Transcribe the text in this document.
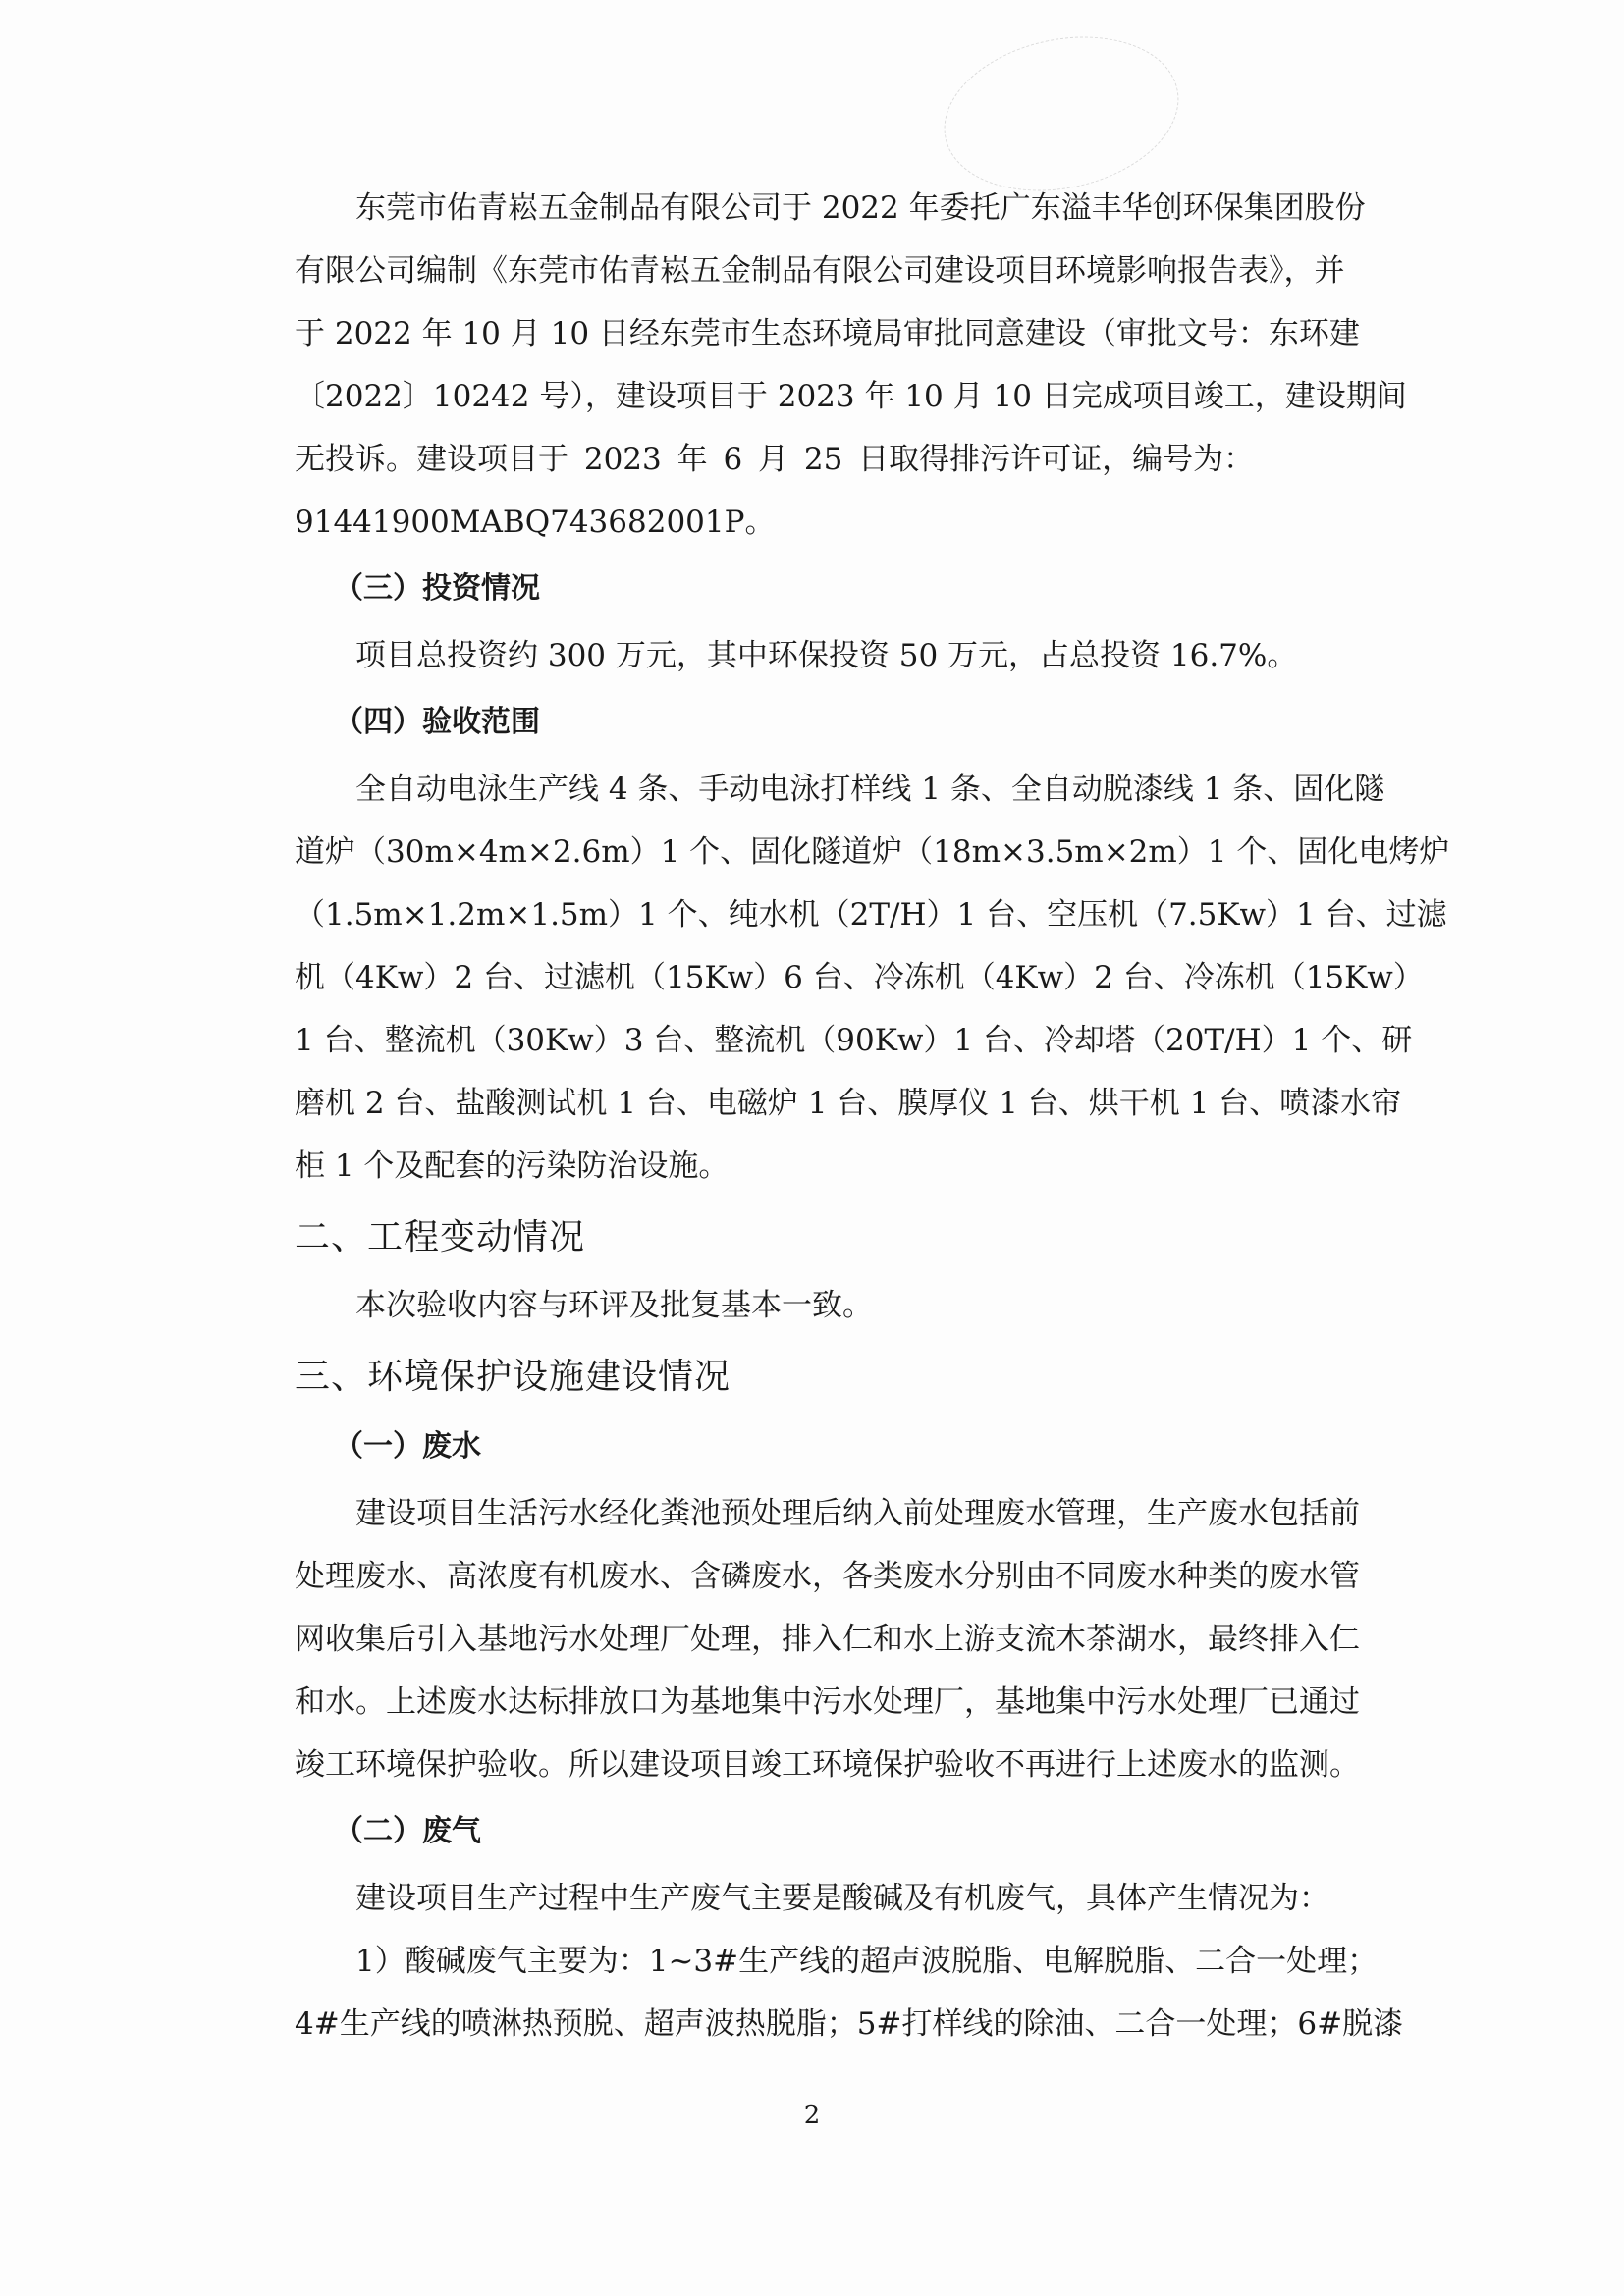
东莞市佑青崧五金制品有限公司于 2022 年委托广东溢丰华创环保集团股份
有限公司编制《东莞市佑青崧五金制品有限公司建设项目环境影响报告表》，并
于 2022 年 10 月 10 日经东莞市生态环境局审批同意建设（审批文号：东环建
〔2022〕10242 号），建设项目于 2023 年 10 月 10 日完成项目竣工，建设期间
无投诉。建设项目于 2023 年 6 月 25 日取得排污许可证，编号为：
91441900MABQ743682001P。
（三）投资情况
项目总投资约 300 万元，其中环保投资 50 万元，占总投资 16.7%。
（四）验收范围
全自动电泳生产线 4 条、手动电泳打样线 1 条、全自动脱漆线 1 条、固化隧
道炉（30m×4m×2.6m）1 个、固化隧道炉（18m×3.5m×2m）1 个、固化电烤炉
（1.5m×1.2m×1.5m）1 个、纯水机（2T/H）1 台、空压机（7.5Kw）1 台、过滤
机（4Kw）2 台、过滤机（15Kw）6 台、冷冻机（4Kw）2 台、冷冻机（15Kw）
1 台、整流机（30Kw）3 台、整流机（90Kw）1 台、冷却塔（20T/H）1 个、研
磨机 2 台、盐酸测试机 1 台、电磁炉 1 台、膜厚仪 1 台、烘干机 1 台、喷漆水帘
柜 1 个及配套的污染防治设施。
二、工程变动情况
本次验收内容与环评及批复基本一致。
三、环境保护设施建设情况
（一）废水
建设项目生活污水经化粪池预处理后纳入前处理废水管理，生产废水包括前
处理废水、高浓度有机废水、含磷废水，各类废水分别由不同废水种类的废水管
网收集后引入基地污水处理厂处理，排入仁和水上游支流木茶湖水，最终排入仁
和水。上述废水达标排放口为基地集中污水处理厂，基地集中污水处理厂已通过
竣工环境保护验收。所以建设项目竣工环境保护验收不再进行上述废水的监测。
（二）废气
建设项目生产过程中生产废气主要是酸碱及有机废气，具体产生情况为：
1）酸碱废气主要为：1~3#生产线的超声波脱脂、电解脱脂、二合一处理；
4#生产线的喷淋热预脱、超声波热脱脂；5#打样线的除油、二合一处理；6#脱漆
2
